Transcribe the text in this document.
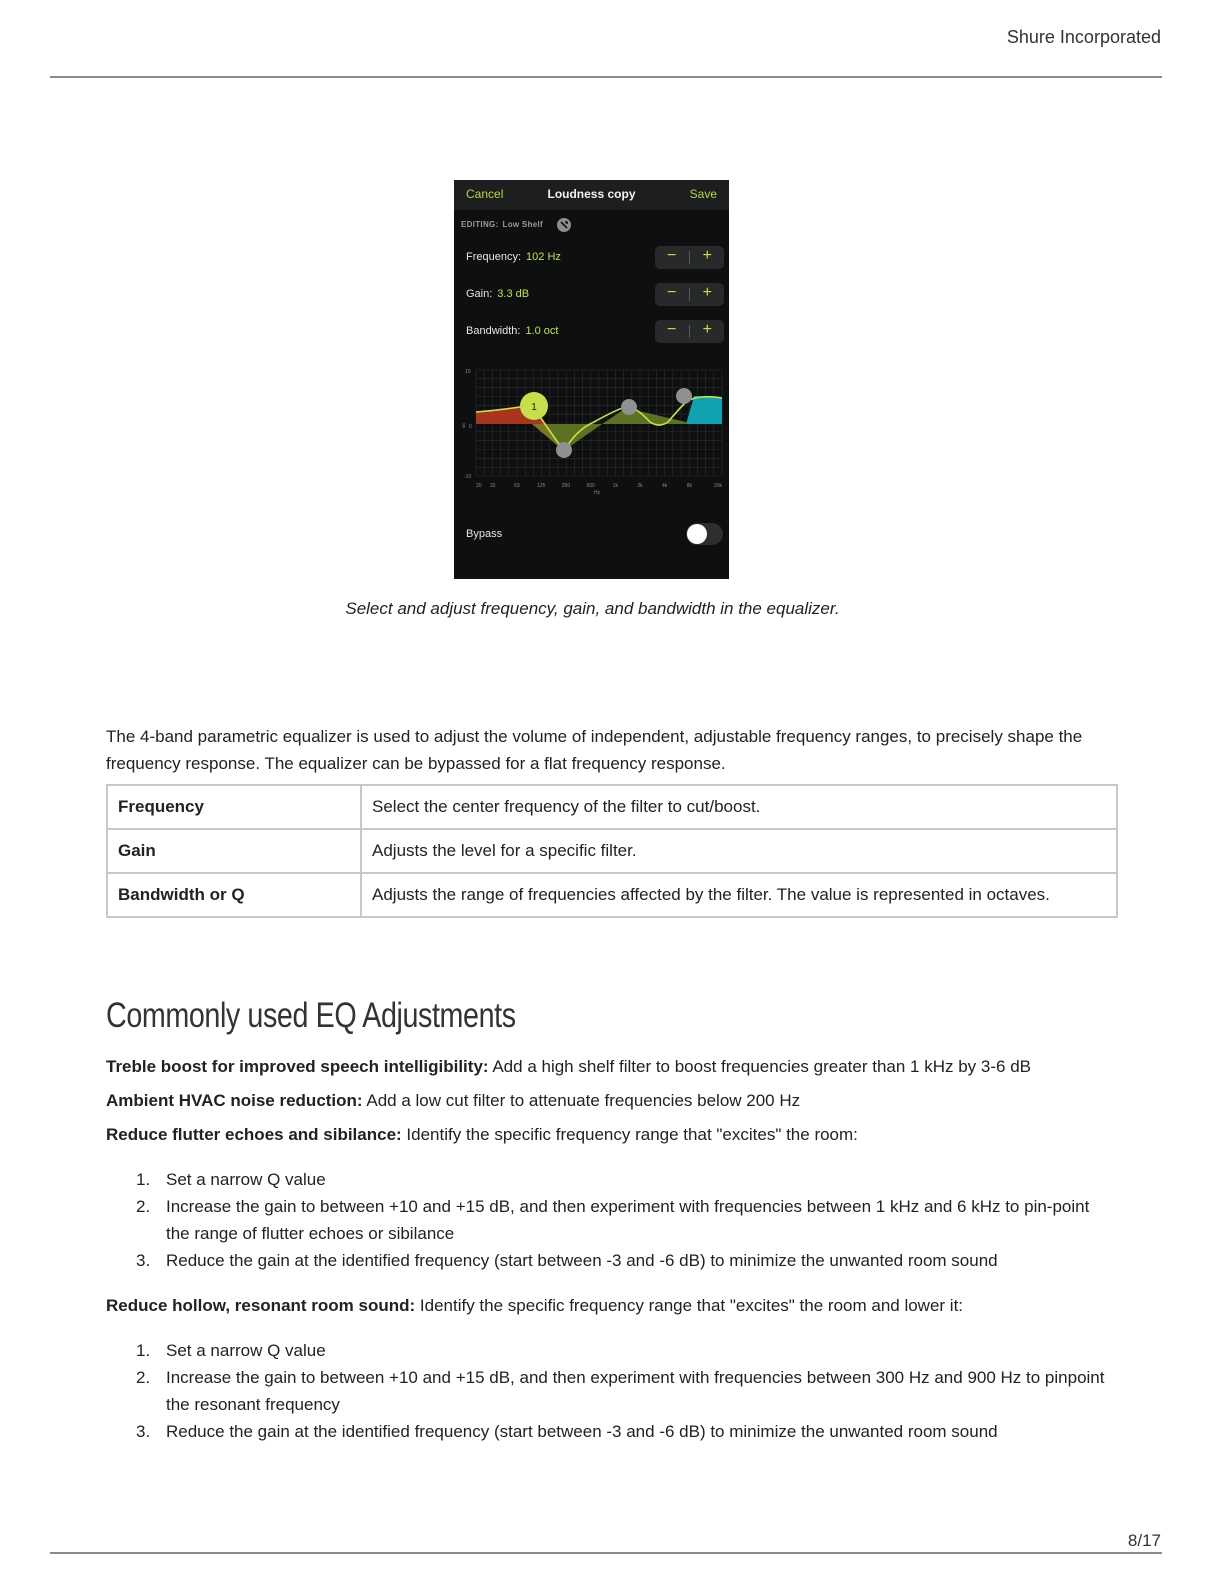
Shure Incorporated
Cancel	Loudness copy	Save
EDITING: Low Shelf
Frequency: 102 Hz	− +
Gain: 3.3 dB	− +
Bandwidth: 1.0 oct	− +
10
0
-10
dB
1
20 32	63	125	250	500	1k	2k	4k	8k	20k
Hz
Bypass
Select and adjust frequency, gain, and bandwidth in the equalizer.
The 4-band parametric equalizer is used to adjust the volume of independent, adjustable frequency ranges, to precisely shape the frequency response. The equalizer can be bypassed for a flat frequency response.
Frequency	Select the center frequency of the filter to cut/boost.
Gain	Adjusts the level for a specific filter.
Bandwidth or Q	Adjusts the range of frequencies affected by the filter. The value is represented in octaves.
Commonly used EQ Adjustments
Treble boost for improved speech intelligibility: Add a high shelf filter to boost frequencies greater than 1 kHz by 3-6 dB
Ambient HVAC noise reduction: Add a low cut filter to attenuate frequencies below 200 Hz
Reduce flutter echoes and sibilance: Identify the specific frequency range that "excites" the room:
1. Set a narrow Q value
2. Increase the gain to between +10 and +15 dB, and then experiment with frequencies between 1 kHz and 6 kHz to pin-point the range of flutter echoes or sibilance
3. Reduce the gain at the identified frequency (start between -3 and -6 dB) to minimize the unwanted room sound
Reduce hollow, resonant room sound: Identify the specific frequency range that "excites" the room and lower it:
1. Set a narrow Q value
2. Increase the gain to between +10 and +15 dB, and then experiment with frequencies between 300 Hz and 900 Hz to pinpoint the resonant frequency
3. Reduce the gain at the identified frequency (start between -3 and -6 dB) to minimize the unwanted room sound
8/17
